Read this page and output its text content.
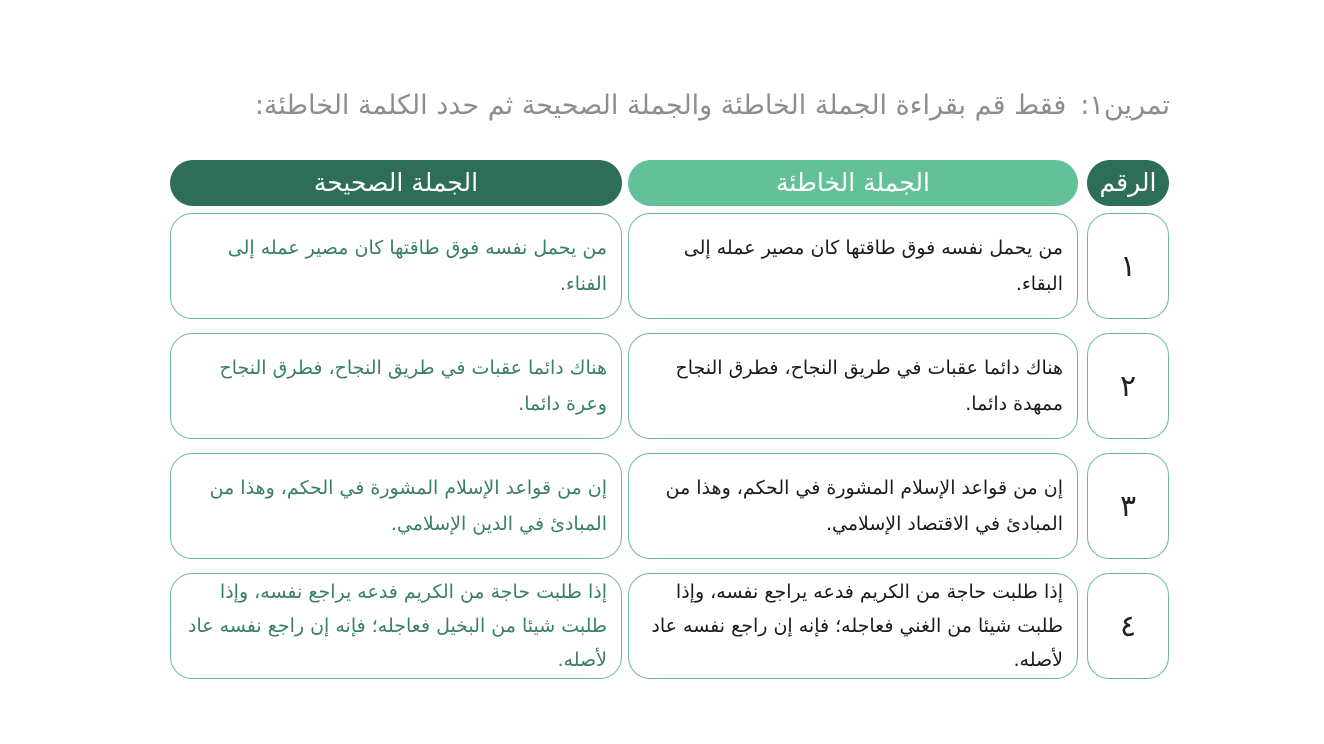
تمرين١:فقط قم بقراءة الجملة الخاطئة والجملة الصحيحة ثم حدد الكلمة الخاطئة:
الرقم
الجملة الخاطئة
الجملة الصحيحة
١
من يحمل نفسه فوق طاقتها كان مصير عمله إلى البقاء.
من يحمل نفسه فوق طاقتها كان مصير عمله إلى الفناء.
٢
هناك دائما عقبات في طريق النجاح، فطرق النجاح ممهدة دائما.
هناك دائما عقبات في طريق النجاح، فطرق النجاح وعرة دائما.
٣
إن من قواعد الإسلام المشورة في الحكم، وهذا من المبادئ في الاقتصاد الإسلامي.
إن من قواعد الإسلام المشورة في الحكم، وهذا من المبادئ في الدين الإسلامي.
٤
إذا طلبت حاجة من الكريم فدعه يراجع نفسه، وإذا طلبت شيئا من الغني فعاجله؛ فإنه إن راجع نفسه عاد لأصله.
إذا طلبت حاجة من الكريم فدعه يراجع نفسه، وإذا طلبت شيئا من البخيل فعاجله؛ فإنه إن راجع نفسه عاد لأصله.
